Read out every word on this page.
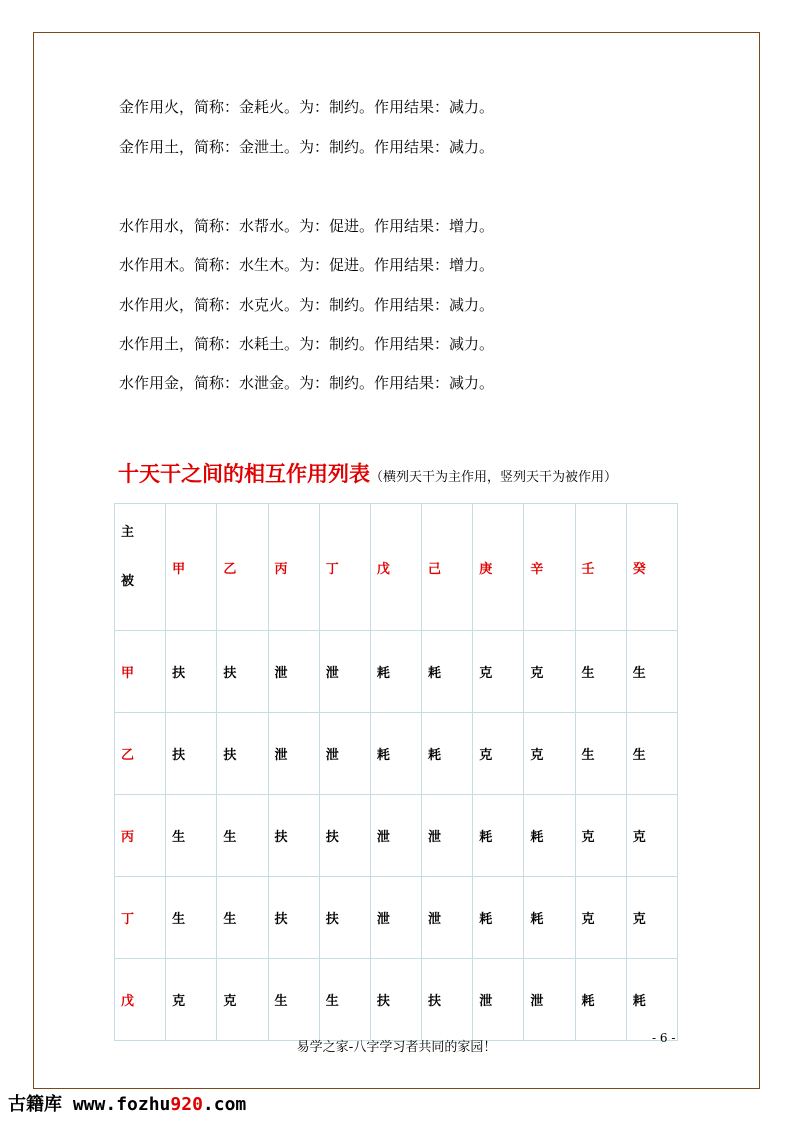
金作用火，简称：金耗火。为：制约。作用结果：减力。
金作用土，简称：金泄土。为：制约。作用结果：减力。
水作用水，简称：水帮水。为：促进。作用结果：增力。
水作用木。简称：水生木。为：促进。作用结果：增力。
水作用火，简称：水克火。为：制约。作用结果：减力。
水作用土，简称：水耗土。为：制约。作用结果：减力。
水作用金，简称：水泄金。为：制约。作用结果：减力。
十天干之间的相互作用列表（横列天干为主作用，竖列天干为被作用）
主
被	甲	乙	丙	丁	戊	己	庚	辛	壬	癸
甲	扶	扶	泄	泄	耗	耗	克	克	生	生
乙	扶	扶	泄	泄	耗	耗	克	克	生	生
丙	生	生	扶	扶	泄	泄	耗	耗	克	克
丁	生	生	扶	扶	泄	泄	耗	耗	克	克
戊	克	克	生	生	扶	扶	泄	泄	耗	耗
易学之家-八字学习者共同的家园！
- 6 -
古籍库 www.fozhu920.com
